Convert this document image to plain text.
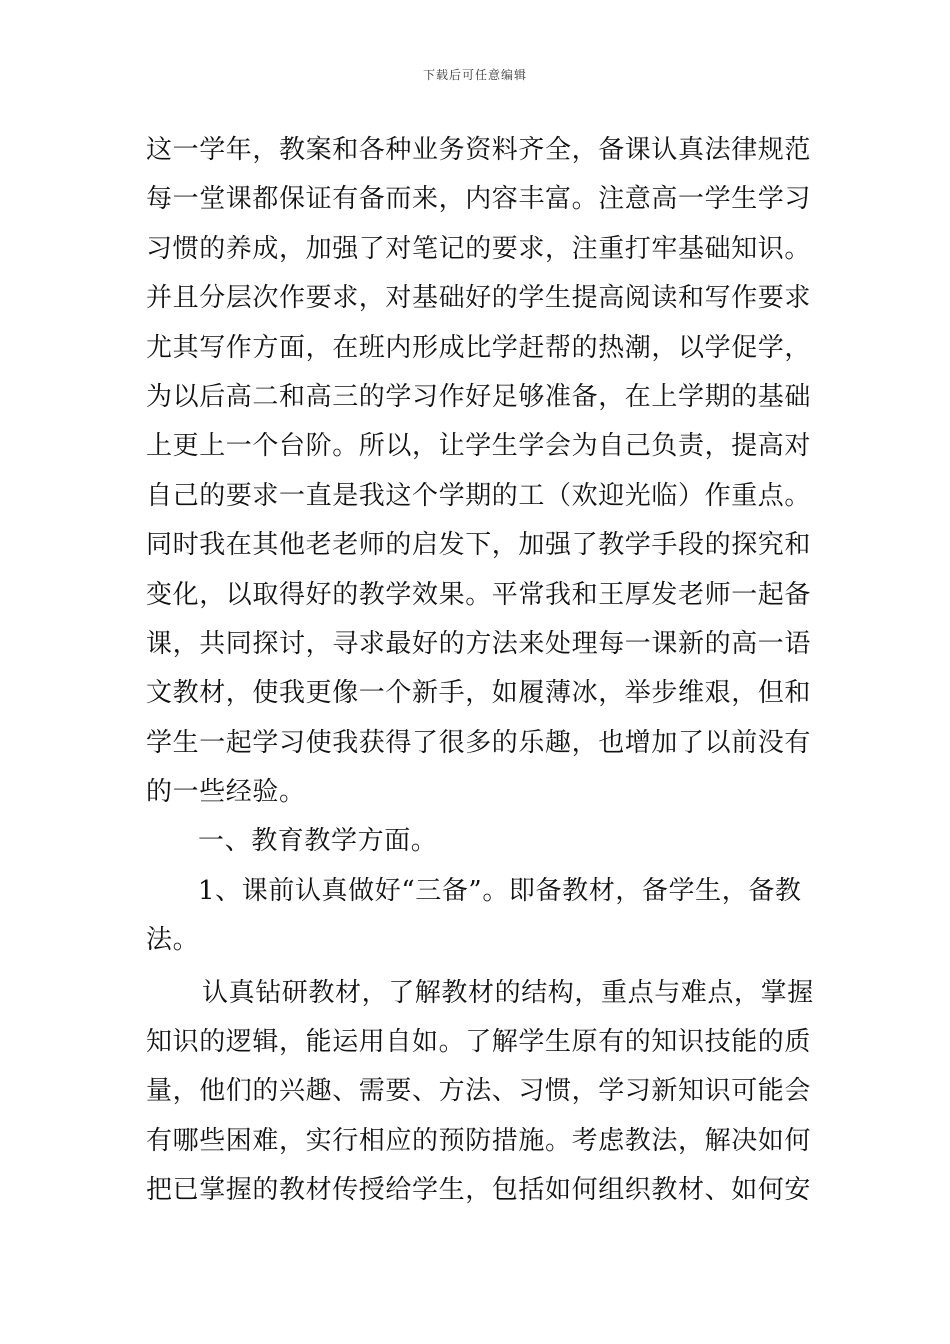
下载后可任意编辑
这一学年，教案和各种业务资料齐全，备课认真法律规范
每一堂课都保证有备而来，内容丰富。注意高一学生学习
习惯的养成，加强了对笔记的要求，注重打牢基础知识。
并且分层次作要求，对基础好的学生提高阅读和写作要求
尤其写作方面，在班内形成比学赶帮的热潮，以学促学，
为以后高二和高三的学习作好足够准备，在上学期的基础
上更上一个台阶。所以，让学生学会为自己负责，提高对
自己的要求一直是我这个学期的工（欢迎光临）作重点。
同时我在其他老老师的启发下，加强了教学手段的探究和
变化，以取得好的教学效果。平常我和王厚发老师一起备
课，共同探讨，寻求最好的方法来处理每一课新的高一语
文教材，使我更像一个新手，如履薄冰，举步维艰，但和
学生一起学习使我获得了很多的乐趣，也增加了以前没有
的一些经验。
一、教育教学方面。
1、课前认真做好“三备”。即备教材，备学生，备教
法。
认真钻研教材，了解教材的结构，重点与难点，掌握
知识的逻辑，能运用自如。了解学生原有的知识技能的质
量，他们的兴趣、需要、方法、习惯，学习新知识可能会
有哪些困难，实行相应的预防措施。考虑教法，解决如何
把已掌握的教材传授给学生，包括如何组织教材、如何安
